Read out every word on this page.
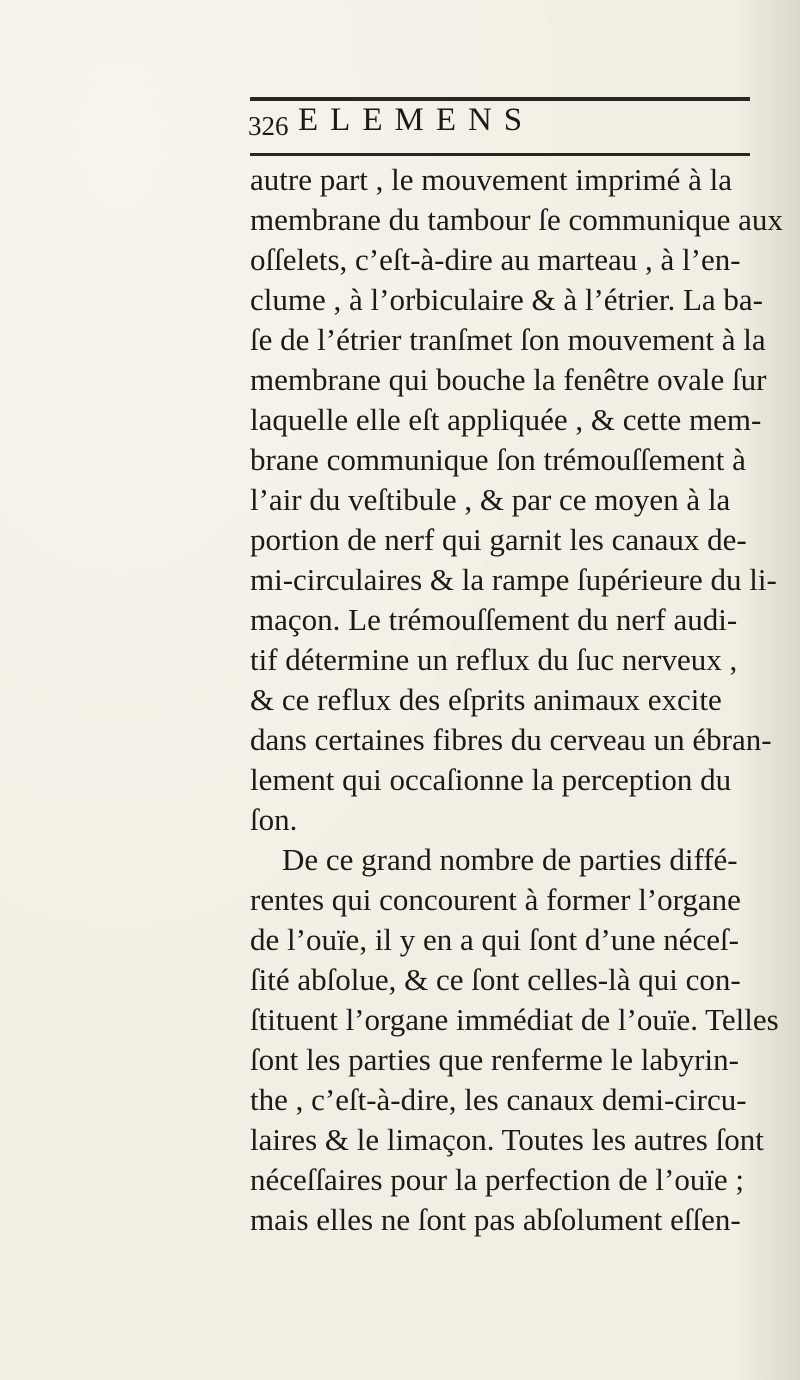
326 ELEMENS
autre part , le mouvement imprimé à la
membrane du tambour ſe communique aux
oſſelets, c’eſt-à-dire au marteau , à l’en-
clume , à l’orbiculaire & à l’étrier. La ba-
ſe de l’étrier tranſmet ſon mouvement à la
membrane qui bouche la fenêtre ovale ſur
laquelle elle eſt appliquée , & cette mem-
brane communique ſon trémouſſement à
l’air du veſtibule , & par ce moyen à la
portion de nerf qui garnit les canaux de-
mi-circulaires & la rampe ſupérieure du li-
maçon. Le trémouſſement du nerf audi-
tif détermine un reflux du ſuc nerveux ,
& ce reflux des eſprits animaux excite
dans certaines fibres du cerveau un ébran-
lement qui occaſionne la perception du
ſon.
De ce grand nombre de parties diffé-
rentes qui concourent à former l’organe
de l’ouïe, il y en a qui ſont d’une néceſ-
ſité abſolue, & ce ſont celles-là qui con-
ſtituent l’organe immédiat de l’ouïe. Telles
ſont les parties que renferme le labyrin-
the , c’eſt-à-dire, les canaux demi-circu-
laires & le limaçon. Toutes les autres ſont
néceſſaires pour la perfection de l’ouïe ;
mais elles ne ſont pas abſolument eſſen-
